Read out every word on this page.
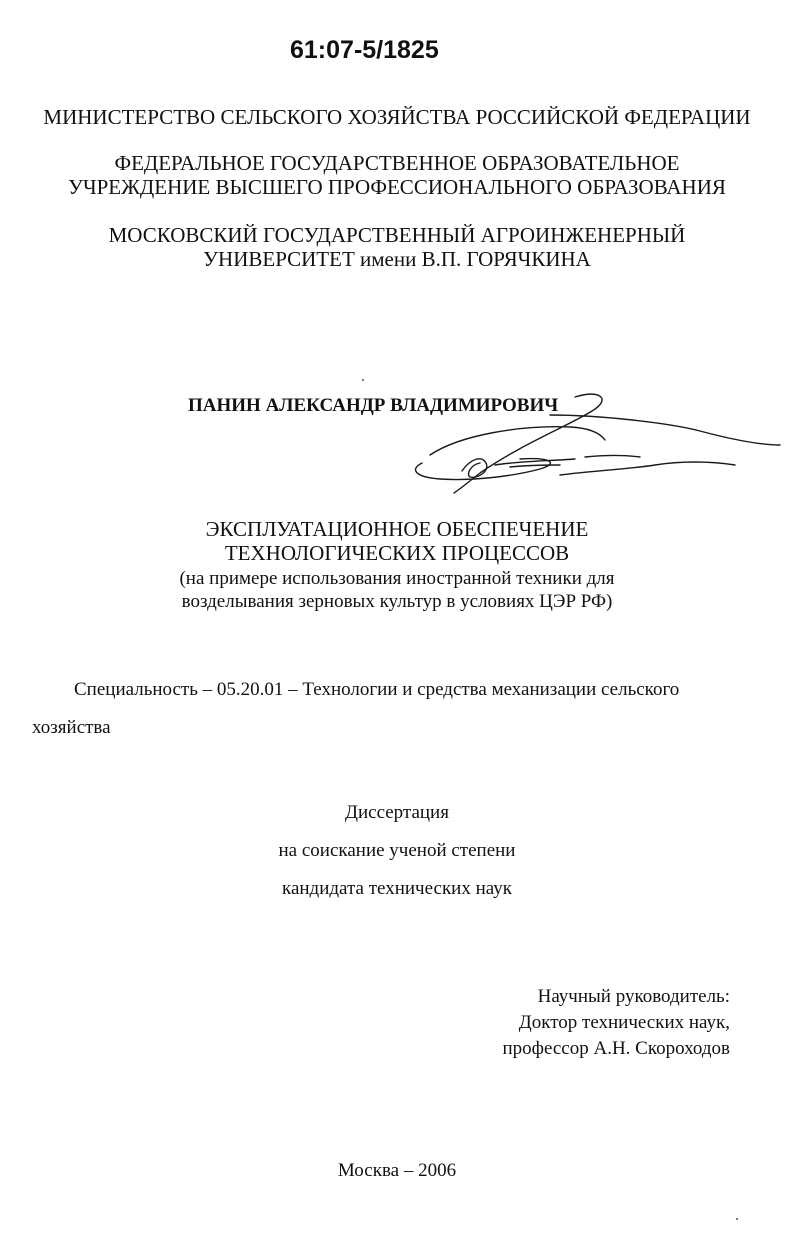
61:07-5/1825
МИНИСТЕРСТВО СЕЛЬСКОГО ХОЗЯЙСТВА РОССИЙСКОЙ ФЕДЕРАЦИИ
ФЕДЕРАЛЬНОЕ ГОСУДАРСТВЕННОЕ ОБРАЗОВАТЕЛЬНОЕ
УЧРЕЖДЕНИЕ ВЫСШЕГО ПРОФЕССИОНАЛЬНОГО ОБРАЗОВАНИЯ
МОСКОВСКИЙ ГОСУДАРСТВЕННЫЙ АГРОИНЖЕНЕРНЫЙ
УНИВЕРСИТЕТ имени В.П. ГОРЯЧКИНА
ПАНИН АЛЕКСАНДР ВЛАДИМИРОВИЧ
ЭКСПЛУАТАЦИОННОЕ ОБЕСПЕЧЕНИЕ
ТЕХНОЛОГИЧЕСКИХ ПРОЦЕССОВ
(на примере использования иностранной техники для
возделывания зерновых культур в условиях ЦЭР РФ)
Специальность – 05.20.01 – Технологии и средства механизации сельского
хозяйства
Диссертация
на соискание ученой степени
кандидата технических наук
Научный руководитель:
Доктор технических наук,
профессор А.Н. Скороходов
Москва – 2006
